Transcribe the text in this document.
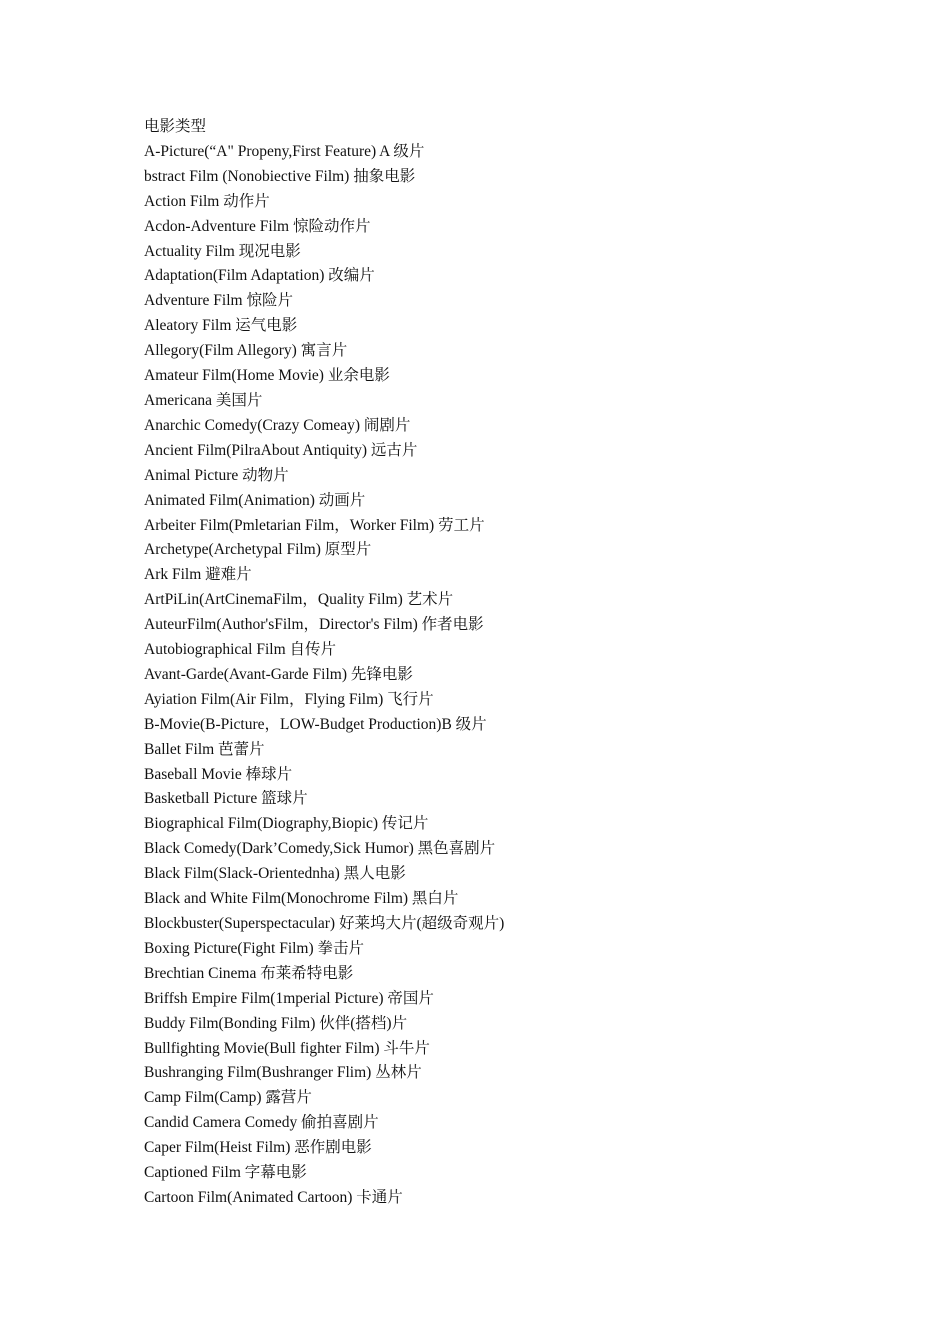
电影类型
A-Picture(“A" Propeny,First Feature) A 级片
bstract Film (Nonobiective Film) 抽象电影
Action Film 动作片
Acdon-Adventure Film 惊险动作片
Actuality Film 现况电影
Adaptation(Film Adaptation) 改编片
Adventure Film 惊险片
Aleatory Film 运气电影
Allegory(Film Allegory) 寓言片
Amateur Film(Home Movie) 业余电影
Americana 美国片
Anarchic Comedy(Crazy Comeay) 闹剧片
Ancient Film(PilraAbout Antiquity) 远古片
Animal Picture 动物片
Animated Film(Animation) 动画片
Arbeiter Film(Pmletarian Film，Worker Film) 劳工片
Archetype(Archetypal Film) 原型片
Ark Film 避难片
ArtPiLin(ArtCinemaFilm，Quality Film) 艺术片
AuteurFilm(Author'sFilm，Director's Film) 作者电影
Autobiographical Film 自传片
Avant-Garde(Avant-Garde Film) 先锋电影
Ayiation Film(Air Film，Flying Film) 飞行片
B-Movie(B-Picture，LOW-Budget Production)B 级片
Ballet Film 芭蕾片
Baseball Movie 棒球片
Basketball Picture 篮球片
Biographical Film(Diography,Biopic) 传记片
Black Comedy(Dark’Comedy,Sick Humor) 黑色喜剧片
Black Film(Slack-Orientednha) 黑人电影
Black and White Film(Monochrome Film) 黑白片
Blockbuster(Superspectacular) 好莱坞大片(超级奇观片)
Boxing Picture(Fight Film) 拳击片
Brechtian Cinema 布莱希特电影
Briffsh Empire Film(1mperial Picture) 帝国片
Buddy Film(Bonding Film) 伙伴(搭档)片
Bullfighting Movie(Bull fighter Film) 斗牛片
Bushranging Film(Bushranger Flim) 丛林片
Camp Film(Camp) 露营片
Candid Camera Comedy 偷拍喜剧片
Caper Film(Heist Film) 恶作剧电影
Captioned Film 字幕电影
Cartoon Film(Animated Cartoon) 卡通片
